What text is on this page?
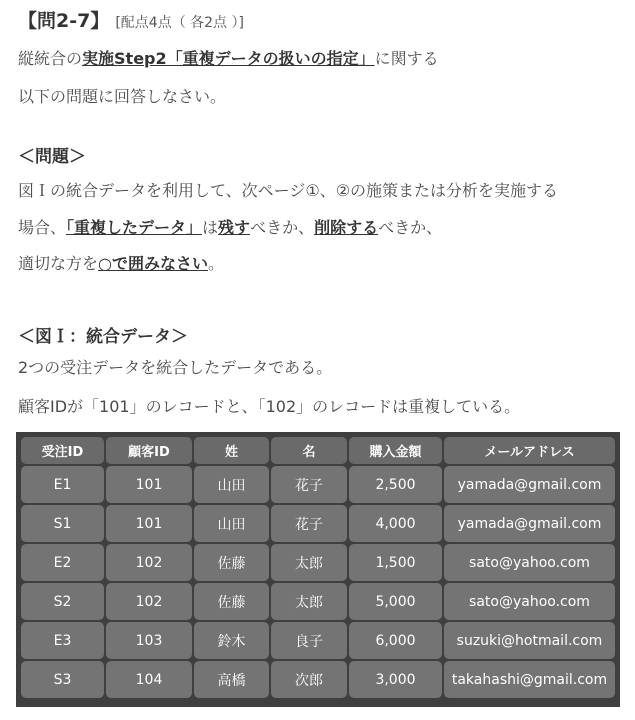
【問2-7】 [配点4点（ 各2点 ）]
縦統合の実施Step2「重複データの扱いの指定」に関する
以下の問題に回答しなさい。
＜問題＞
図Ｉの統合データを利用して、次ページ①、②の施策または分析を実施する
場合、「重複したデータ」は残すべきか、削除するべきか、
適切な方を○で囲みなさい。
＜図Ｉ：統合データ＞
2つの受注データを統合したデータである。
顧客IDが「101」のレコードと、「102」のレコードは重複している。
受注ID	顧客ID	姓	名	購入金額	メールアドレス

E1	101	山田	花子	2,500	yamada@gmail.com

S1	101	山田	花子	4,000	yamada@gmail.com

E2	102	佐藤	太郎	1,500	sato@yahoo.com

S2	102	佐藤	太郎	5,000	sato@yahoo.com

E3	103	鈴木	良子	6,000	suzuki@hotmail.com

S3	104	高橋	次郎	3,000	takahashi@gmail.com
